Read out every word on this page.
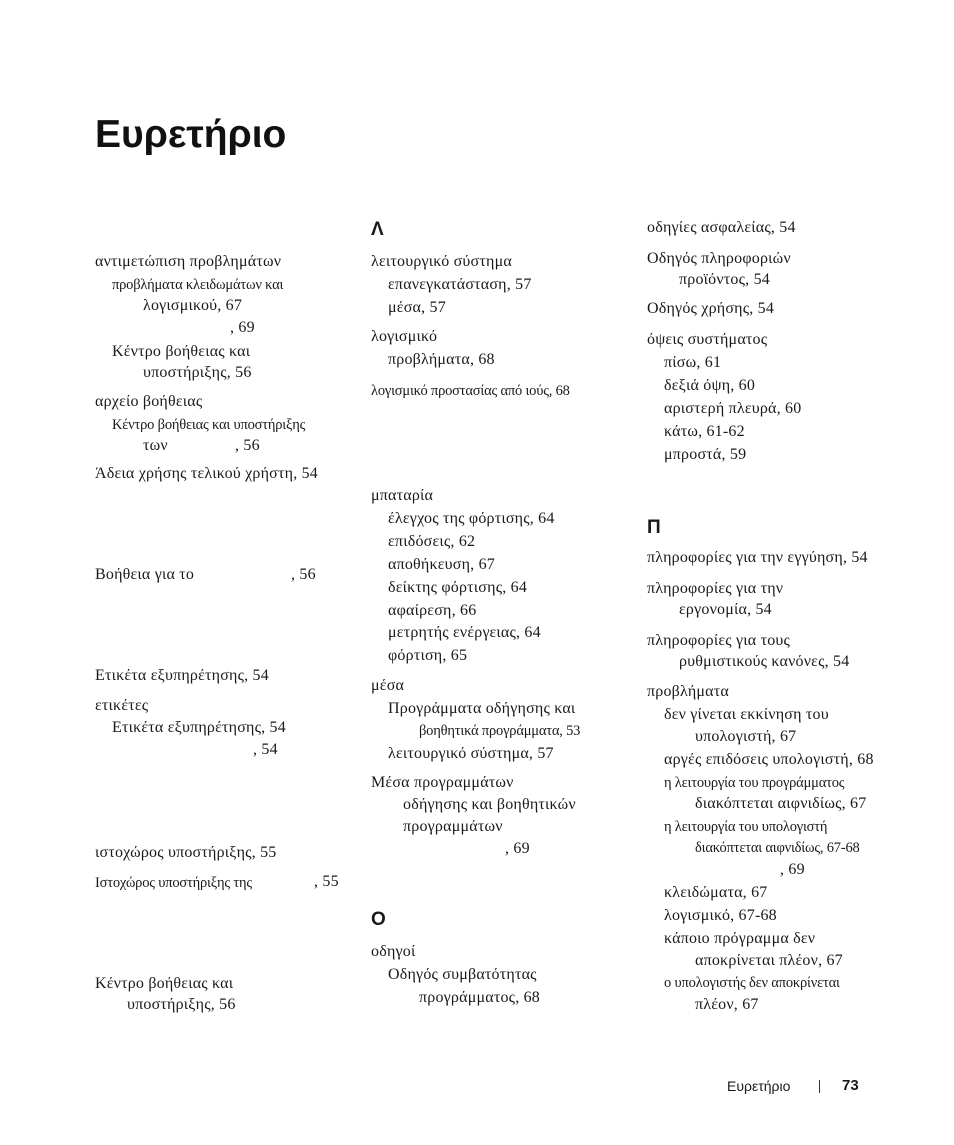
Ευρετήριο
αντιμετώπιση προβλημάτων
προβλήματα κλειδωμάτων και
λογισμικού, 67
, 69
Κέντρο βοήθειας και
υποστήριξης, 56
αρχείο βοήθειας
Κέντρο βοήθειας και υποστήριξης
των	, 56
Άδεια χρήσης τελικού χρήστη, 54
Βοήθεια για το	, 56
Ετικέτα εξυπηρέτησης, 54
ετικέτες
Ετικέτα εξυπηρέτησης, 54
, 54
ιστοχώρος υποστήριξης, 55
Ιστοχώρος υποστήριξης της	, 55
Κέντρο βοήθειας και
υποστήριξης, 56
Λ
λειτουργικό σύστημα
επανεγκατάσταση, 57
μέσα, 57
λογισμικό
προβλήματα, 68
λογισμικό προστασίας από ιούς, 68
μπαταρία
έλεγχος της φόρτισης, 64
επιδόσεις, 62
αποθήκευση, 67
δείκτης φόρτισης, 64
αφαίρεση, 66
μετρητής ενέργειας, 64
φόρτιση, 65
μέσα
Προγράμματα οδήγησης και
βοηθητικά προγράμματα, 53
λειτουργικό σύστημα, 57
Μέσα προγραμμάτων
οδήγησης και βοηθητικών
προγραμμάτων
, 69
Ο
οδηγοί
Οδηγός συμβατότητας
προγράμματος, 68
οδηγίες ασφαλείας, 54
Οδηγός πληροφοριών
προϊόντος, 54
Οδηγός χρήσης, 54
όψεις συστήματος
πίσω, 61
δεξιά όψη, 60
αριστερή πλευρά, 60
κάτω, 61-62
μπροστά, 59
Π
πληροφορίες για την εγγύηση, 54
πληροφορίες για την
εργονομία, 54
πληροφορίες για τους
ρυθμιστικούς κανόνες, 54
προβλήματα
δεν γίνεται εκκίνηση του
υπολογιστή, 67
αργές επιδόσεις υπολογιστή, 68
η λειτουργία του προγράμματος
διακόπτεται αιφνιδίως, 67
η λειτουργία του υπολογιστή
διακόπτεται αιφνιδίως, 67-68
, 69
κλειδώματα, 67
λογισμικό, 67-68
κάποιο πρόγραμμα δεν
αποκρίνεται πλέον, 67
ο υπολογιστής δεν αποκρίνεται
πλέον, 67
Ευρετήριο	73
